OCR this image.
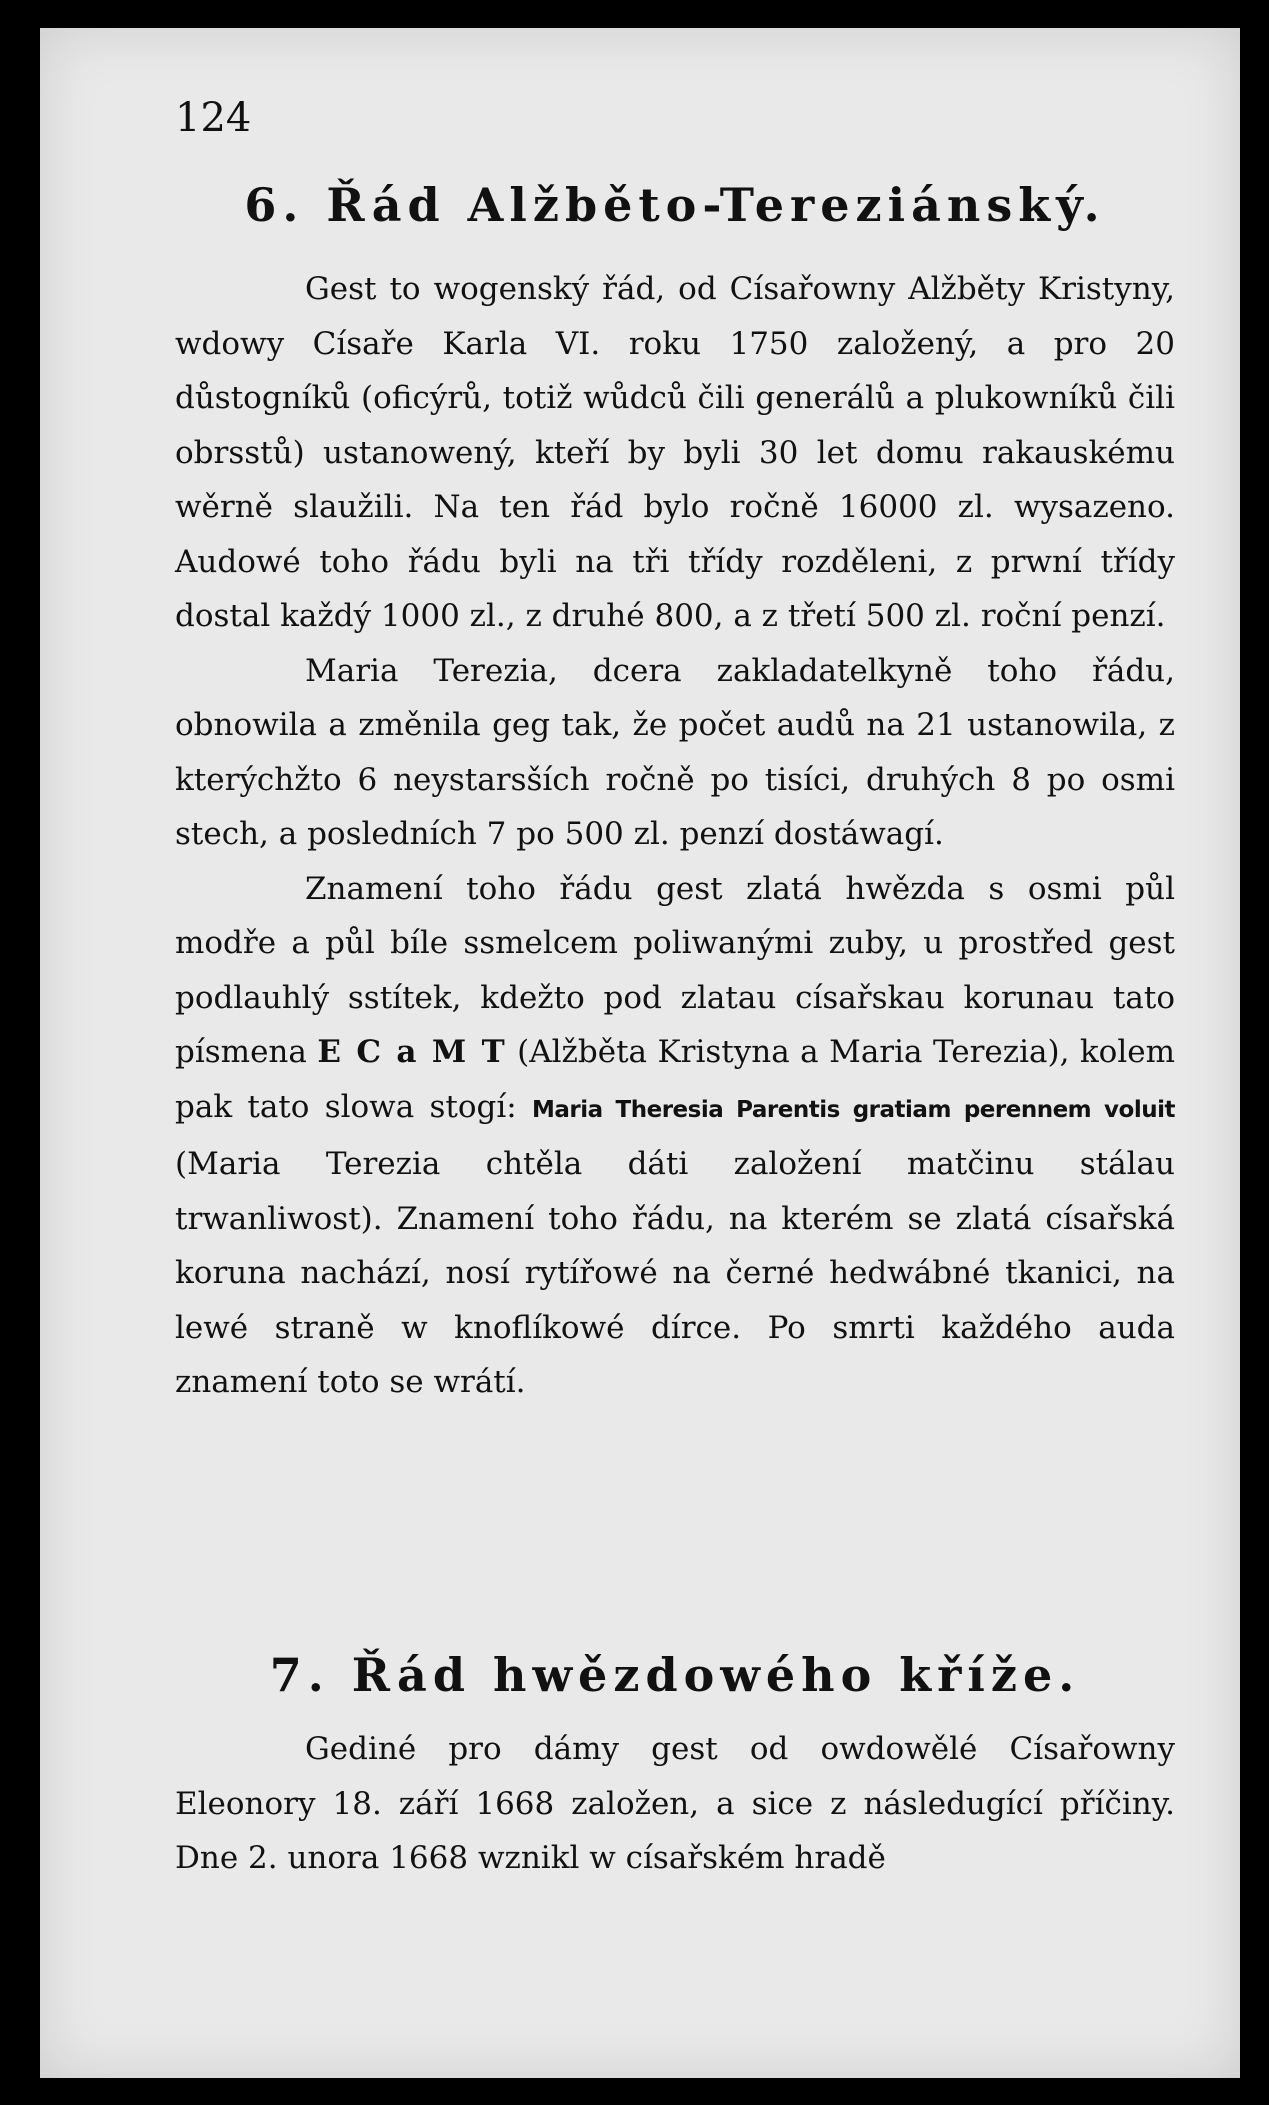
124
6. Řád Alžběto-Tereziánský.

Gest to wogenský řád, od Císařowny Alžběty Kristyny, wdowy Císaře Karla VI. roku 1750 založený, a pro 20 důstogníků (oficýrů, totiž wůdců čili generálů a plukowníků čili obrsstů) ustanowený, kteří by byli 30 let domu rakauskému wěrně slaužili. Na ten řád bylo ročně 16000 zl. wysazeno. Audowé toho řádu byli na tři třídy rozděleni, z prwní třídy dostal každý 1000 zl., z druhé 800, a z třetí 500 zl. roční penzí.

Maria Terezia, dcera zakladatelkyně toho řádu, obnowila a změnila geg tak, že počet audů na 21 ustanowila, z kterýchžto 6 neystarsších ročně po tisíci, druhých 8 po osmi stech, a posledních 7 po 500 zl. penzí dostáwagí.

Znamení toho řádu gest zlatá hwězda s osmi půl modře a půl bíle ssmelcem poliwanými zuby, u prostřed gest podlauhlý sstítek, kdežto pod zlatau císařskau korunau tato písmena E C a M T (Alžběta Kristyna a Maria Terezia), kolem pak tato slowa stogí: Maria Theresia Parentis gratiam perennem voluit (Maria Terezia chtěla dáti založení matčinu stálau trwanliwost). Znamení toho řádu, na kterém se zlatá císařská koruna nachází, nosí rytířowé na černé hedwábné tkanici, na lewé straně w knoflíkowé dírce. Po smrti každého auda znamení toto se wrátí.

7. Řád hwězdowého kříže.

Gediné pro dámy gest od owdowělé Císařowny Eleonory 18. září 1668 založen, a sice z následugící příčiny. Dne 2. unora 1668 wznikl w císařském hradě
